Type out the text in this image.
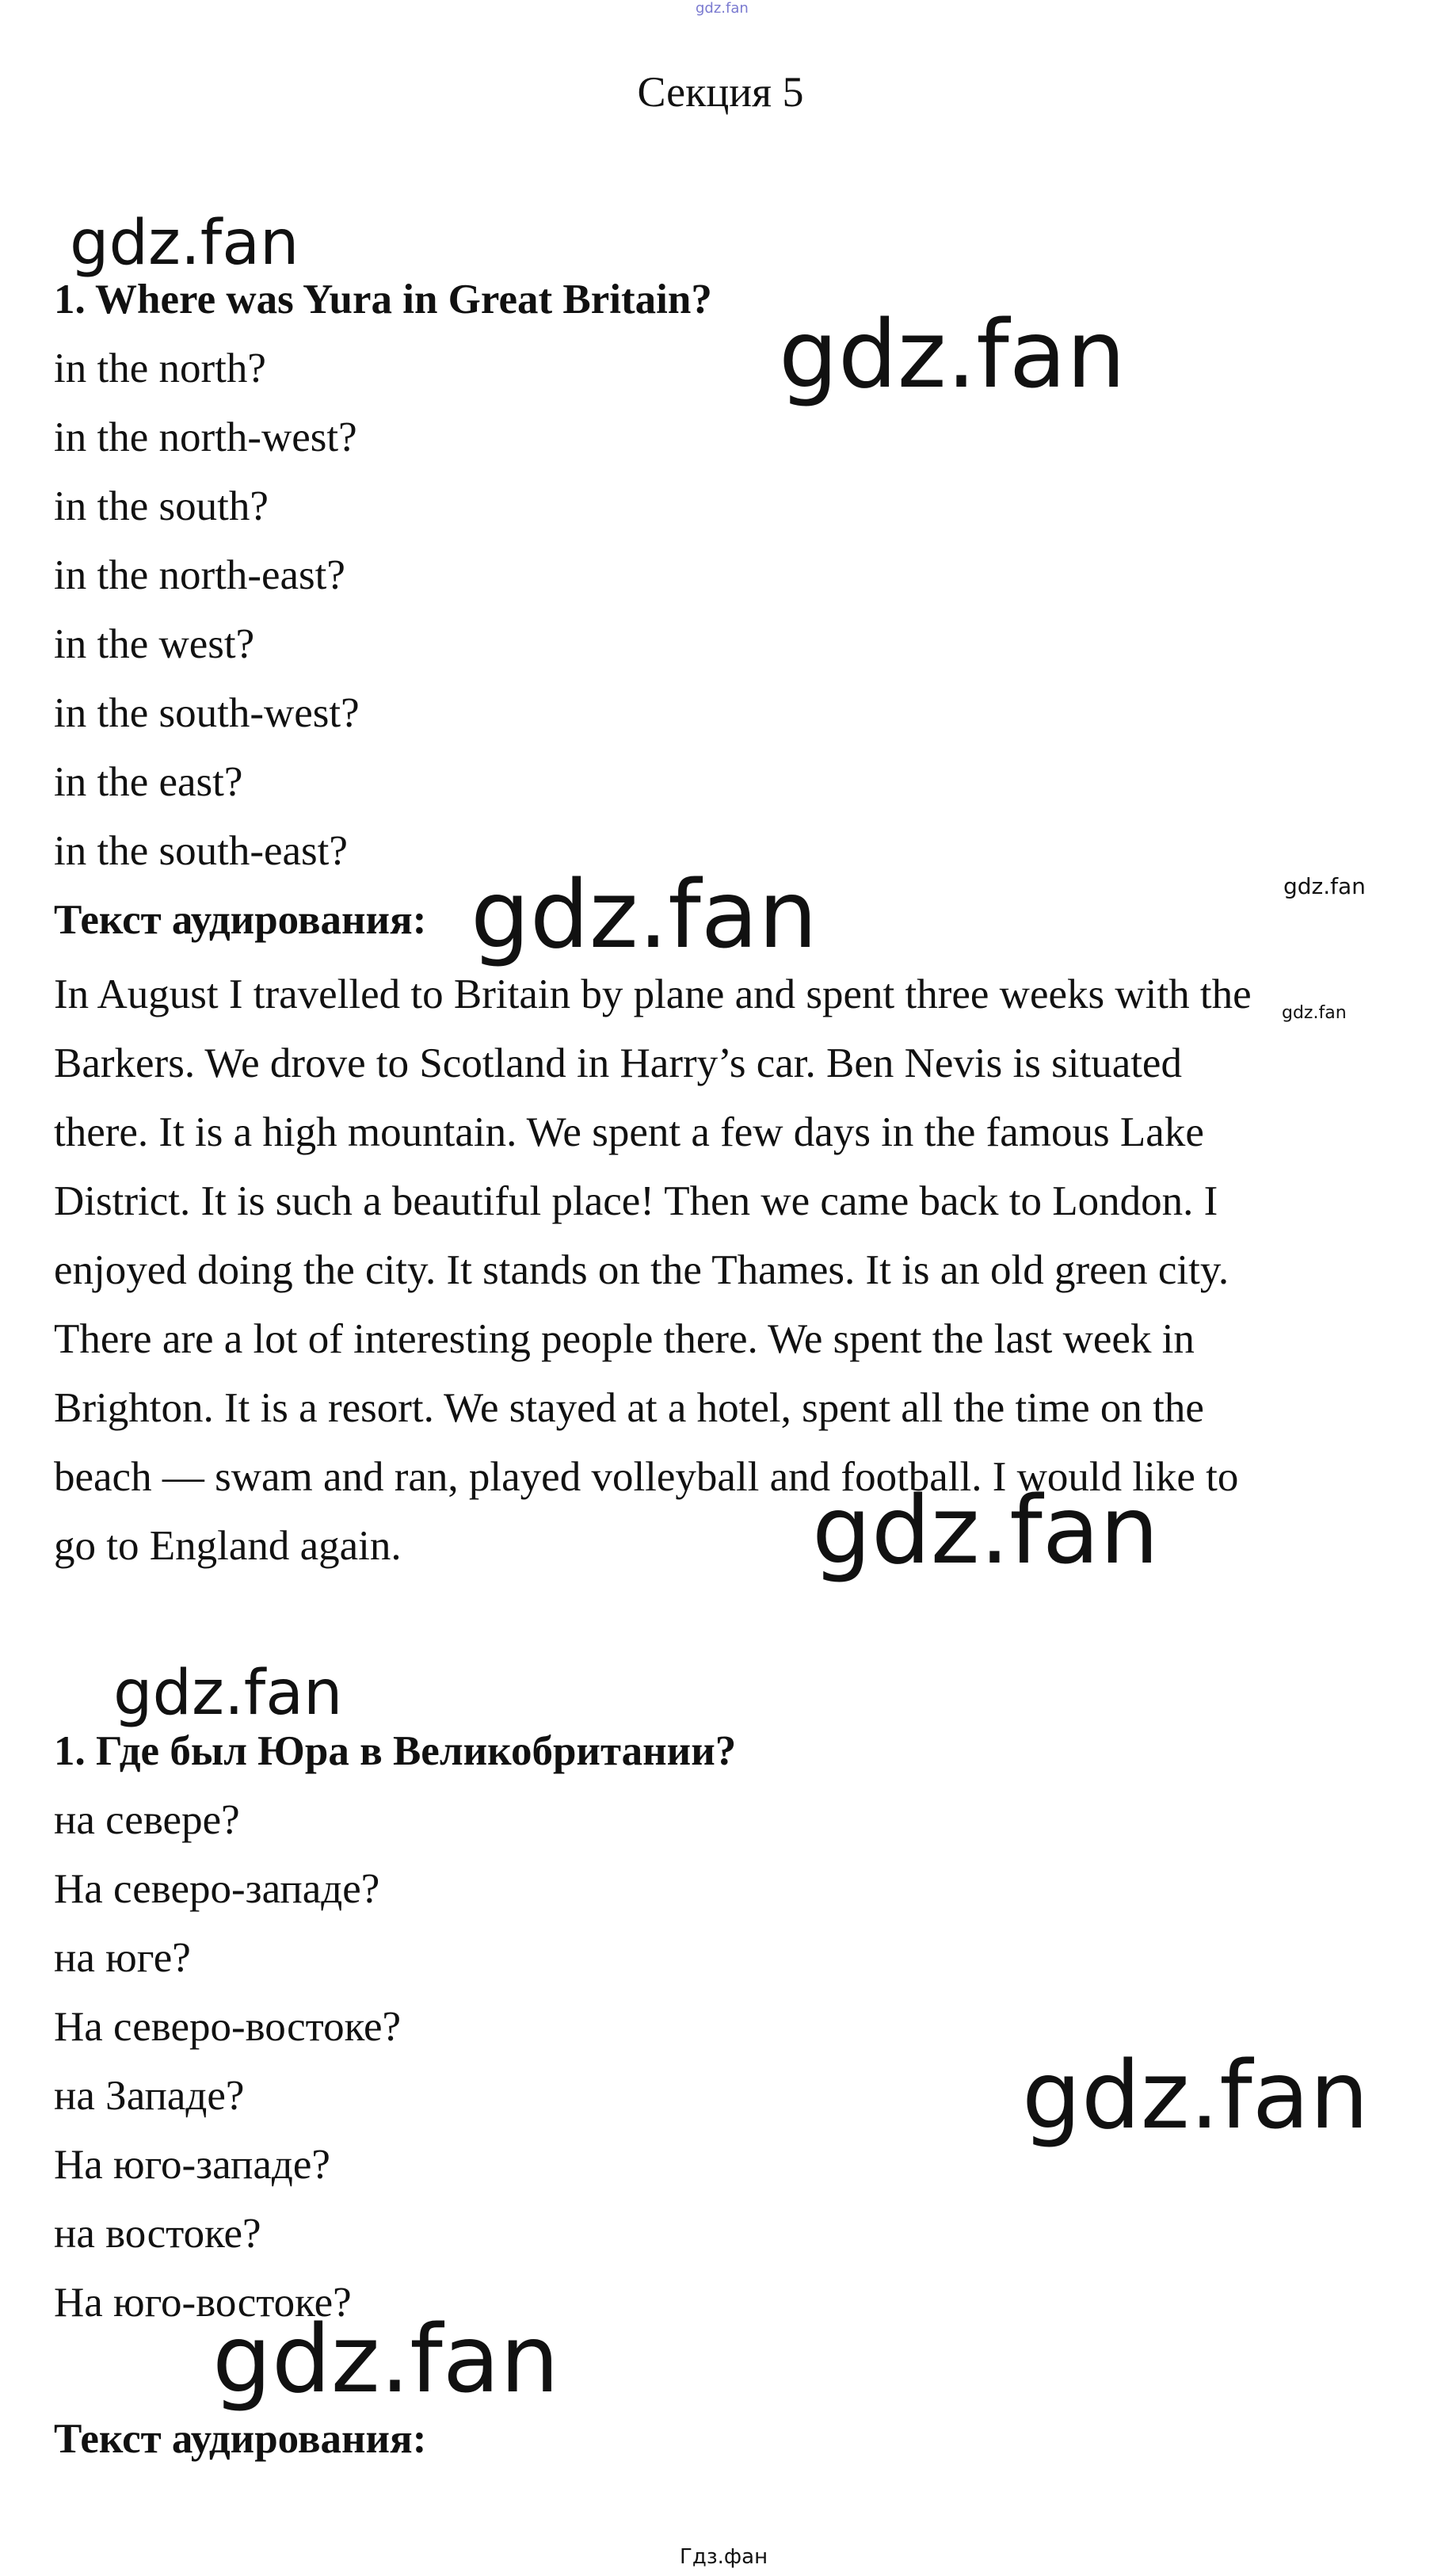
gdz.fan
Секция 5
gdz.fan
gdz.fan
gdz.fan
gdz.fan
gdz.fan
gdz.fan
gdz.fan
gdz.fan
gdz.fan
Гдз.фан
1. Where was Yura in Great Britain?
in the north?
in the north-west?
in the south?
in the north-east?
in the west?
in the south-west?
in the east?
in the south-east?
Текст аудирования:
In August I travelled to Britain by plane and spent three weeks with the
Barkers. We drove to Scotland in Harry’s car. Ben Nevis is situated
there. It is a high mountain. We spent a few days in the famous Lake
District. It is such a beautiful place! Then we came back to London. I
enjoyed doing the city. It stands on the Thames. It is an old green city.
There are a lot of interesting people there. We spent the last week in
Brighton. It is a resort. We stayed at a hotel, spent all the time on the
beach — swam and ran, played volleyball and football. I would like to
go to England again.
1. Где был Юра в Великобритании?
на севере?
На северо-западе?
на юге?
На северо-востоке?
на Западе?
На юго-западе?
на востоке?
На юго-востоке?
Текст аудирования:
